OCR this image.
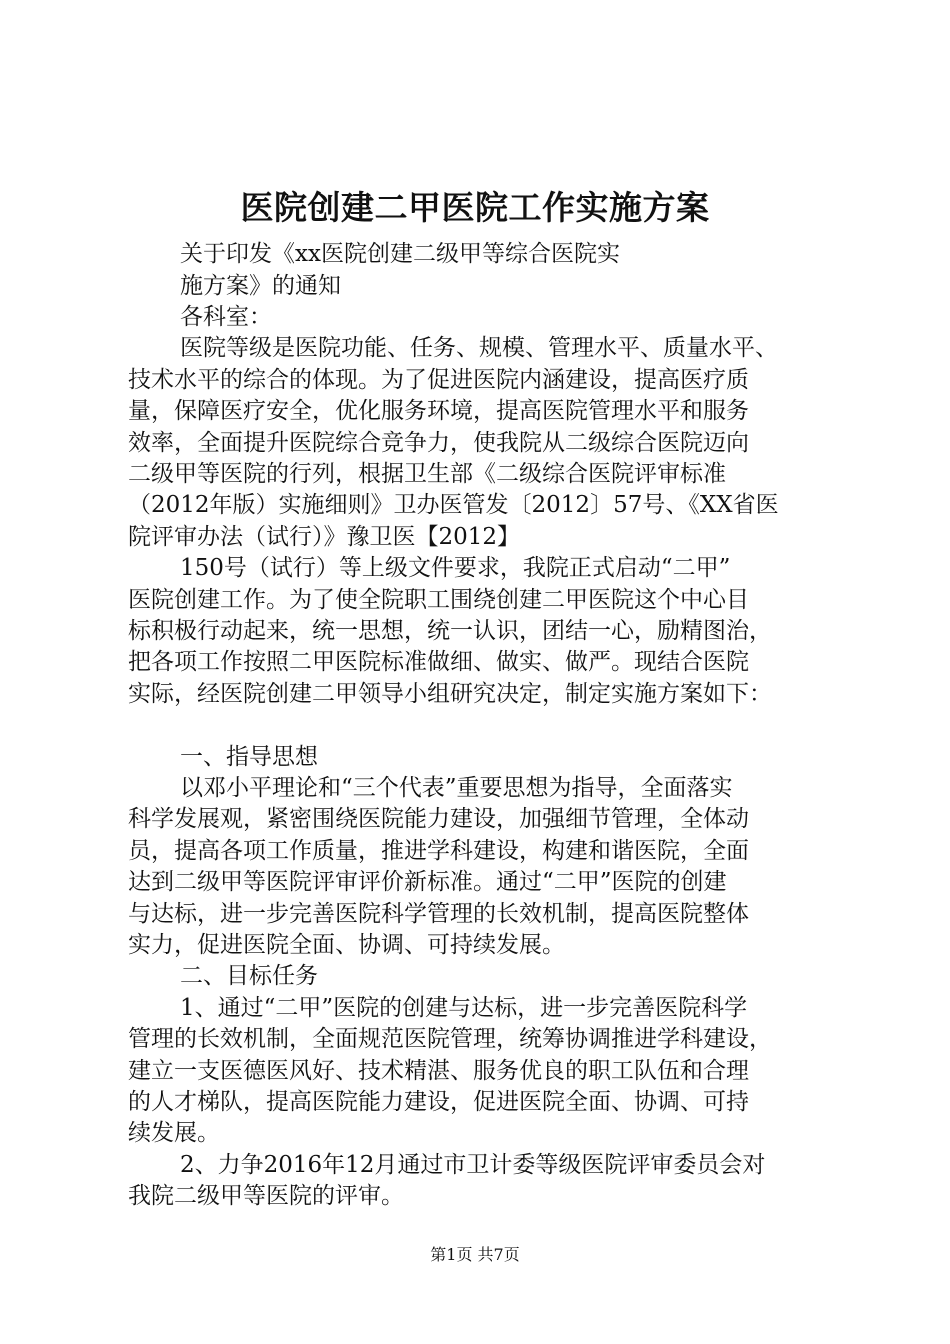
医院创建二甲医院工作实施方案
关于印发《xx医院创建二级甲等综合医院实
施方案》的通知
各科室：
医院等级是医院功能、任务、规模、管理水平、质量水平、
技术水平的综合的体现。为了促进医院内涵建设，提高医疗质
量，保障医疗安全，优化服务环境，提高医院管理水平和服务
效率，全面提升医院综合竞争力，使我院从二级综合医院迈向
二级甲等医院的行列，根据卫生部《二级综合医院评审标准
（2012年版）实施细则》卫办医管发〔2012〕57号、《XX省医
院评审办法（试行）》豫卫医【2012】
150号（试行）等上级文件要求，我院正式启动“二甲”
医院创建工作。为了使全院职工围绕创建二甲医院这个中心目
标积极行动起来，统一思想，统一认识，团结一心，励精图治，
把各项工作按照二甲医院标准做细、做实、做严。现结合医院
实际，经医院创建二甲领导小组研究决定，制定实施方案如下：
一、指导思想
以邓小平理论和“三个代表”重要思想为指导，全面落实
科学发展观，紧密围绕医院能力建设，加强细节管理，全体动
员，提高各项工作质量，推进学科建设，构建和谐医院，全面
达到二级甲等医院评审评价新标准。通过“二甲”医院的创建
与达标，进一步完善医院科学管理的长效机制，提高医院整体
实力，促进医院全面、协调、可持续发展。
二、目标任务
1、通过“二甲”医院的创建与达标，进一步完善医院科学
管理的长效机制，全面规范医院管理，统筹协调推进学科建设，
建立一支医德医风好、技术精湛、服务优良的职工队伍和合理
的人才梯队，提高医院能力建设，促进医院全面、协调、可持
续发展。
2、力争2016年12月通过市卫计委等级医院评审委员会对
我院二级甲等医院的评审。
第1页 共7页
